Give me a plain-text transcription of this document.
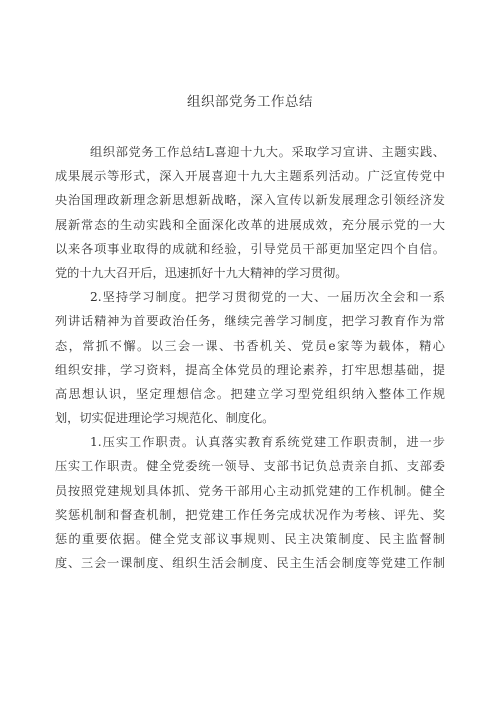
组织部党务工作总结
组织部党务工作总结L喜迎十九大。采取学习宣讲、主题实践、
成果展示等形式，深入开展喜迎十九大主题系列活动。广泛宣传党中
央治国理政新理念新思想新战略，深入宣传以新发展理念引领经济发
展新常态的生动实践和全面深化改革的进展成效，充分展示党的一大
以来各项事业取得的成就和经验，引导党员干部更加坚定四个自信。
党的十九大召开后，迅速抓好十九大精神的学习贯彻。
2.坚持学习制度。把学习贯彻党的一大、一届历次全会和一系
列讲话精神为首要政治任务，继续完善学习制度，把学习教育作为常
态，常抓不懈。以三会一课、书香机关、党员e家等为载体，精心
组织安排，学习资料，提高全体党员的理论素养，打牢思想基础，提
高思想认识，坚定理想信念。把建立学习型党组织纳入整体工作规
划，切实促进理论学习规范化、制度化。
1.压实工作职责。认真落实教育系统党建工作职责制，进一步
压实工作职责。健全党委统一领导、支部书记负总责亲自抓、支部委
员按照党建规划具体抓、党务干部用心主动抓党建的工作机制。健全
奖惩机制和督查机制，把党建工作任务完成状况作为考核、评先、奖
惩的重要依据。健全党支部议事规则、民主决策制度、民主监督制
度、三会一课制度、组织生活会制度、民主生活会制度等党建工作制
